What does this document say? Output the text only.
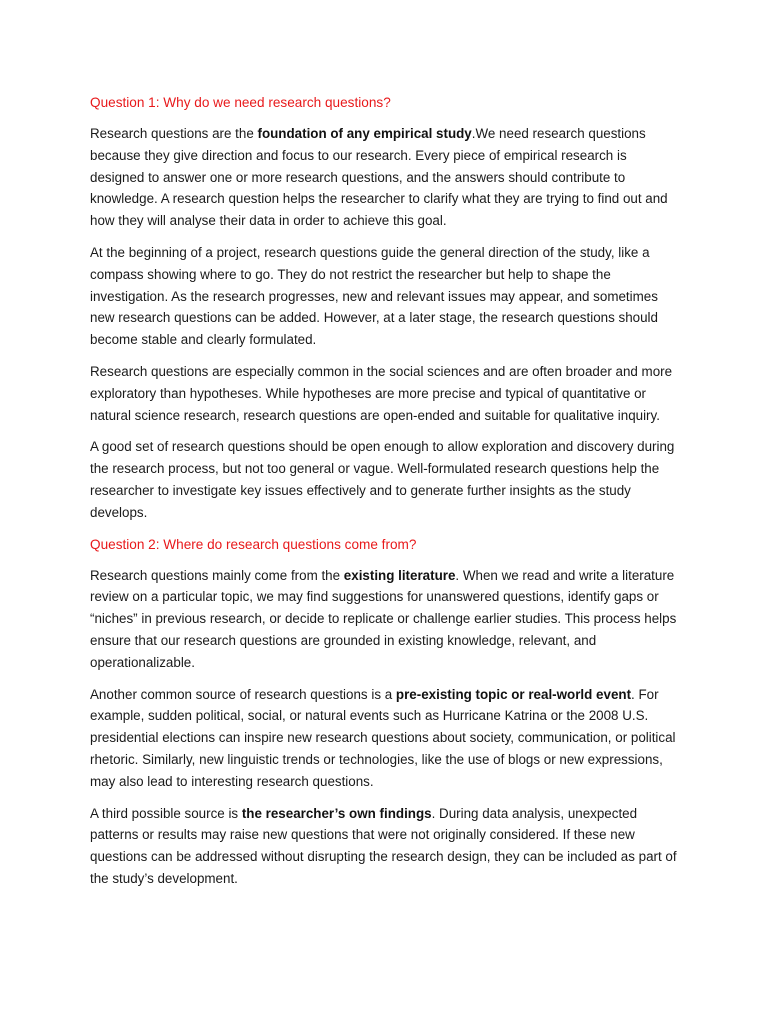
Question 1: Why do we need research questions?

Research questions are the foundation of any empirical study.We need research questions because they give direction and focus to our research. Every piece of empirical research is designed to answer one or more research questions, and the answers should contribute to knowledge. A research question helps the researcher to clarify what they are trying to find out and how they will analyse their data in order to achieve this goal.

At the beginning of a project, research questions guide the general direction of the study, like a compass showing where to go. They do not restrict the researcher but help to shape the investigation. As the research progresses, new and relevant issues may appear, and sometimes new research questions can be added. However, at a later stage, the research questions should become stable and clearly formulated.

Research questions are especially common in the social sciences and are often broader and more exploratory than hypotheses. While hypotheses are more precise and typical of quantitative or natural science research, research questions are open-ended and suitable for qualitative inquiry.

A good set of research questions should be open enough to allow exploration and discovery during the research process, but not too general or vague. Well-formulated research questions help the researcher to investigate key issues effectively and to generate further insights as the study develops.

Question 2: Where do research questions come from?

Research questions mainly come from the existing literature. When we read and write a literature review on a particular topic, we may find suggestions for unanswered questions, identify gaps or “niches” in previous research, or decide to replicate or challenge earlier studies. This process helps ensure that our research questions are grounded in existing knowledge, relevant, and operationalizable.

Another common source of research questions is a pre-existing topic or real-world event. For example, sudden political, social, or natural events such as Hurricane Katrina or the 2008 U.S. presidential elections can inspire new research questions about society, communication, or political rhetoric. Similarly, new linguistic trends or technologies, like the use of blogs or new expressions, may also lead to interesting research questions.

A third possible source is the researcher’s own findings. During data analysis, unexpected patterns or results may raise new questions that were not originally considered. If these new questions can be addressed without disrupting the research design, they can be included as part of the study’s development.
